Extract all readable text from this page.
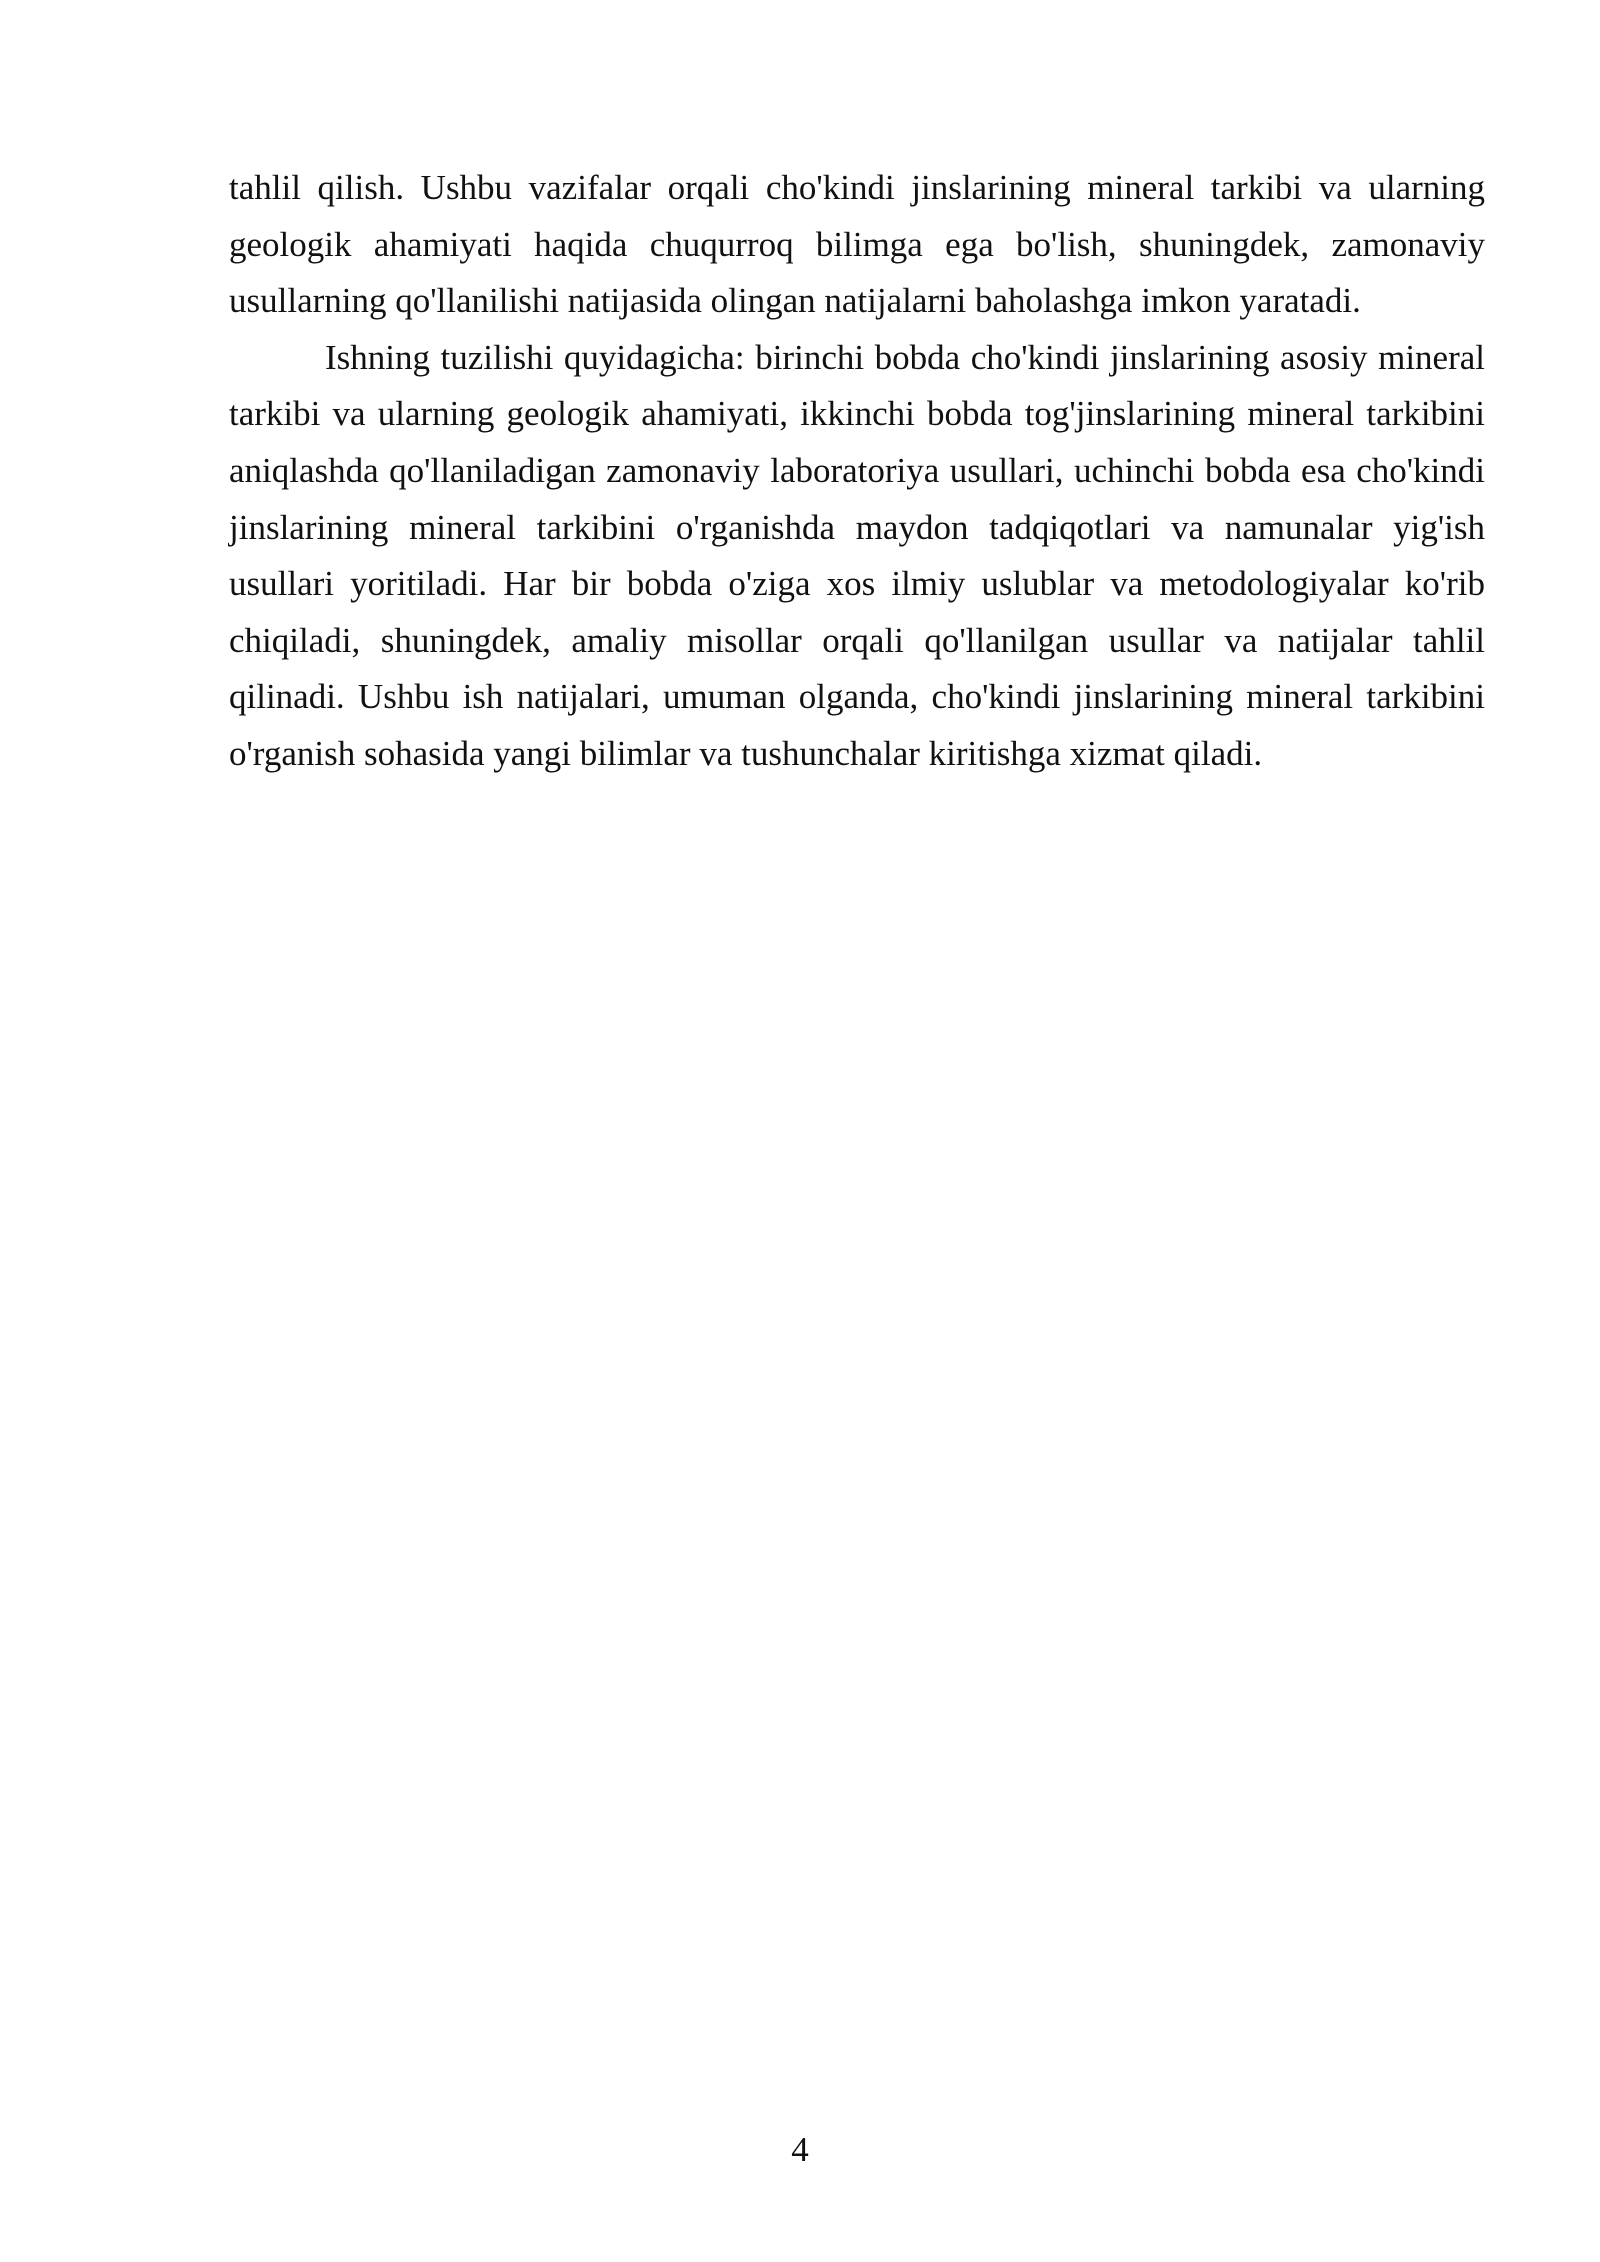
tahlil qilish. Ushbu vazifalar orqali cho'kindi jinslarining mineral tarkibi va ularning geologik ahamiyati haqida chuqurroq bilimga ega bo'lish, shuningdek, zamonaviy usullarning qo'llanilishi natijasida olingan natijalarni baholashga imkon yaratadi.

Ishning tuzilishi quyidagicha: birinchi bobda cho'kindi jinslarining asosiy mineral tarkibi va ularning geologik ahamiyati, ikkinchi bobda tog'jinslarining mineral tarkibini aniqlashda qo'llaniladigan zamonaviy laboratoriya usullari, uchinchi bobda esa cho'kindi jinslarining mineral tarkibini o'rganishda maydon tadqiqotlari va namunalar yig'ish usullari yoritiladi. Har bir bobda o'ziga xos ilmiy uslublar va metodologiyalar ko'rib chiqiladi, shuningdek, amaliy misollar orqali qo'llanilgan usullar va natijalar tahlil qilinadi. Ushbu ish natijalari, umuman olganda, cho'kindi jinslarining mineral tarkibini o'rganish sohasida yangi bilimlar va tushunchalar kiritishga xizmat qiladi.

4
